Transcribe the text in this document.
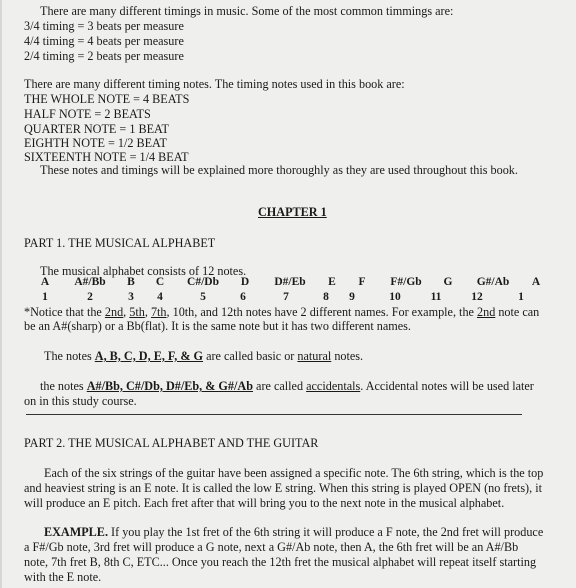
There are many different timings in music. Some of the most common timmings are:
3/4 timing = 3 beats per measure
4/4 timing = 4 beats per measure
2/4 timing = 2 beats per measure
There are many different timing notes. The timing notes used in this book are:
THE WHOLE NOTE = 4 BEATS
HALF NOTE = 2 BEATS
QUARTER NOTE = 1 BEAT
EIGHTH NOTE = 1/2 BEAT
SIXTEENTH NOTE = 1/4 BEAT
These notes and timings will be explained more thoroughly as they are used throughout this book.
CHAPTER 1
PART 1. THE MUSICAL ALPHABET
The musical alphabet consists of 12 notes.
A A#/Bb B C C#/Db D D#/Eb E F F#/Gb G G#/Ab A
1	2	3 4	5	6	7	8 9	10	11	12	1
*Notice that the 2nd, 5th, 7th, 10th, and 12th notes have 2 different names. For example, the 2nd note can
be an A#(sharp) or a Bb(flat). It is the same note but it has two different names.
The notes A, B, C, D, E, F, & G are called basic or natural notes.
the notes A#/Bb, C#/Db, D#/Eb, & G#/Ab are called accidentals. Accidental notes will be used later
on in this study course.
PART 2. THE MUSICAL ALPHABET AND THE GUITAR
Each of the six strings of the guitar have been assigned a specific note. The 6th string, which is the top
and heaviest string is an E note. It is called the low E string. When this string is played OPEN (no frets), it
will produce an E pitch. Each fret after that will bring you to the next note in the musical alphabet.
EXAMPLE. If you play the 1st fret of the 6th string it will produce a F note, the 2nd fret will produce
a F#/Gb note, 3rd fret will produce a G note, next a G#/Ab note, then A, the 6th fret will be an A#/Bb
note, 7th fret B, 8th C, ETC... Once you reach the 12th fret the musical alphabet will repeat itself starting
with the E note.
